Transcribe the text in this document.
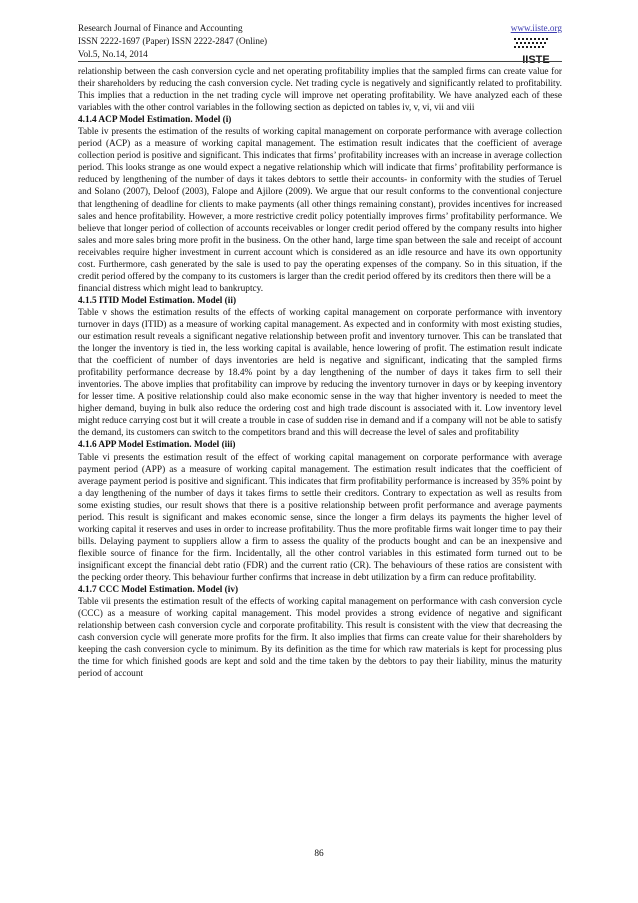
Research Journal of Finance and Accounting
ISSN 2222-1697 (Paper) ISSN 2222-2847 (Online)
Vol.5, No.14, 2014
www.iiste.org
IISTE

relationship between the cash conversion cycle and net operating profitability implies that the sampled firms can create value for their shareholders by reducing the cash conversion cycle. Net trading cycle is negatively and significantly related to profitability. This implies that a reduction in the net trading cycle will improve net operating profitability. We have analyzed each of these variables with the other control variables in the following section as depicted on tables iv, v, vi, vii and viii

4.1.4 ACP Model Estimation. Model (i)

Table iv presents the estimation of the results of working capital management on corporate performance with average collection period (ACP) as a measure of working capital management. The estimation result indicates that the coefficient of average collection period is positive and significant. This indicates that firms’ profitability increases with an increase in average collection period. This looks strange as one would expect a negative relationship which will indicate that firms’ profitability performance is reduced by lengthening of the number of days it takes debtors to settle their accounts- in conformity with the studies of Teruel and Solano (2007), Deloof (2003), Falope and Ajilore (2009). We argue that our result conforms to the conventional conjecture that lengthening of deadline for clients to make payments (all other things remaining constant), provides incentives for increased sales and hence profitability. However, a more restrictive credit policy potentially improves firms’ profitability performance. We believe that longer period of collection of accounts receivables or longer credit period offered by the company results into higher sales and more sales bring more profit in the business. On the other hand, large time span between the sale and receipt of account receivables require higher investment in current account which is considered as an idle resource and have its own opportunity cost. Furthermore, cash generated by the sale is used to pay the operating expenses of the company. So in this situation, if the credit period offered by the company to its customers is larger than the credit period offered by its creditors then there will be a

financial distress which might lead to bankruptcy.

4.1.5 ITID Model Estimation. Model (ii)

Table v shows the estimation results of the effects of working capital management on corporate performance with inventory turnover in days (ITID) as a measure of working capital management. As expected and in conformity with most existing studies, our estimation result reveals a significant negative relationship between profit and inventory turnover. This can be translated that the longer the inventory is tied in, the less working capital is available, hence lowering of profit. The estimation result indicate that the coefficient of number of days inventories are held is negative and significant, indicating that the sampled firms profitability performance decrease by 18.4% point by a day lengthening of the number of days it takes firm to sell their inventories. The above implies that profitability can improve by reducing the inventory turnover in days or by keeping inventory for lesser time. A positive relationship could also make economic sense in the way that higher inventory is needed to meet the higher demand, buying in bulk also reduce the ordering cost and high trade discount is associated with it. Low inventory level might reduce carrying cost but it will create a trouble in case of sudden rise in demand and if a company will not be able to satisfy the demand, its customers can switch to the competitors brand and this will decrease the level of sales and profitability

4.1.6 APP Model Estimation. Model (iii)

Table vi presents the estimation result of the effect of working capital management on corporate performance with average payment period (APP) as a measure of working capital management. The estimation result indicates that the coefficient of average payment period is positive and significant. This indicates that firm profitability performance is increased by 35% point by a day lengthening of the number of days it takes firms to settle their creditors. Contrary to expectation as well as results from some existing studies, our result shows that there is a positive relationship between profit performance and average payments period. This result is significant and makes economic sense, since the longer a firm delays its payments the higher level of working capital it reserves and uses in order to increase profitability. Thus the more profitable firms wait longer time to pay their bills. Delaying payment to suppliers allow a firm to assess the quality of the products bought and can be an inexpensive and flexible source of finance for the firm. Incidentally, all the other control variables in this estimated form turned out to be insignificant except the financial debt ratio (FDR) and the current ratio (CR). The behaviours of these ratios are consistent with the pecking order theory. This behaviour further confirms that increase in debt utilization by a firm can reduce profitability.

4.1.7 CCC Model Estimation. Model (iv)

Table vii presents the estimation result of the effects of working capital management on performance with cash conversion cycle (CCC) as a measure of working capital management. This model provides a strong evidence of negative and significant relationship between cash conversion cycle and corporate profitability. This result is consistent with the view that decreasing the cash conversion cycle will generate more profits for the firm. It also implies that firms can create value for their shareholders by keeping the cash conversion cycle to minimum. By its definition as the time for which raw materials is kept for processing plus the time for which finished goods are kept and sold and the time taken by the debtors to pay their liability, minus the maturity period of account

86
